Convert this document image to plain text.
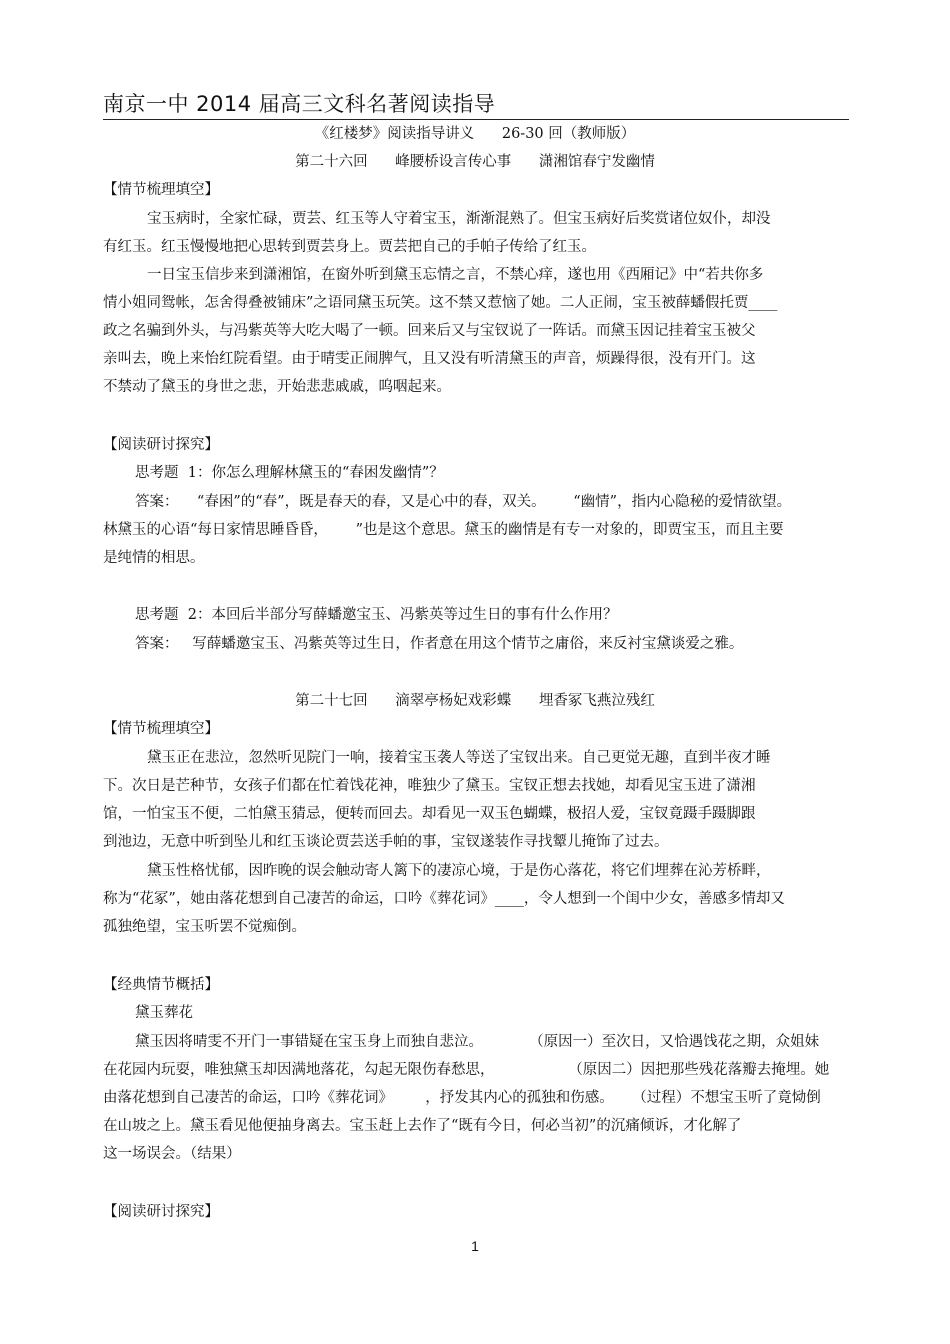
南京一中 2014 届高三文科名著阅读指导
《红楼梦》阅读指导讲义      26-30 回（教师版）
第二十六回      峰腰桥设言传心事      潇湘馆春宁发幽情
【情节梳理填空】
宝玉病时，全家忙碌，贾芸、红玉等人守着宝玉，渐渐混熟了。但宝玉病好后奖赏诸位奴仆，却没
有红玉。红玉慢慢地把心思转到贾芸身上。贾芸把自己的手帕子传给了红玉。
一日宝玉信步来到潇湘馆，在窗外听到黛玉忘情之言，不禁心痒，遂也用《西厢记》中“若共你多
情小姐同鸳帐，怎舍得叠被铺床”之语同黛玉玩笑。这不禁又惹恼了她。二人正闹，宝玉被薛蟠假托贾____
政之名骗到外头，与冯紫英等大吃大喝了一顿。回来后又与宝钗说了一阵话。而黛玉因记挂着宝玉被父
亲叫去，晚上来怡红院看望。由于晴雯正闹脾气，且又没有听清黛玉的声音，烦躁得很，没有开门。这
不禁动了黛玉的身世之悲，开始悲悲戚戚，呜咽起来。
【阅读研讨探究】
思考题  1：你怎么理解林黛玉的“春困发幽情”？
答案：    “春困”的“春”，既是春天的春，又是心中的春，双关。      “幽情”，指内心隐秘的爱情欲望。
林黛玉的心语“每日家情思睡昏昏，      ”也是这个意思。黛玉的幽情是有专一对象的，即贾宝玉，而且主要
是纯情的相思。
思考题  2：本回后半部分写薛蟠邀宝玉、冯紫英等过生日的事有什么作用？
答案：   写薛蟠邀宝玉、冯紫英等过生日，作者意在用这个情节之庸俗，来反衬宝黛谈爱之雅。
第二十七回      滴翠亭杨妃戏彩蝶      埋香冢飞燕泣残红
【情节梳理填空】
黛玉正在悲泣，忽然听见院门一响，接着宝玉袭人等送了宝钗出来。自己更觉无趣，直到半夜才睡
下。次日是芒种节，女孩子们都在忙着饯花神，唯独少了黛玉。宝钗正想去找她，却看见宝玉进了潇湘
馆，一怕宝玉不便，二怕黛玉猜忌，便转而回去。却看见一双玉色蝴蝶，极招人爱，宝钗竟蹑手蹑脚跟
到池边，无意中听到坠儿和红玉谈论贾芸送手帕的事，宝钗遂装作寻找颦儿掩饰了过去。
黛玉性格忧郁，因昨晚的误会触动寄人篱下的凄凉心境，于是伤心落花，将它们埋葬在沁芳桥畔，
称为“花冢”，她由落花想到自己凄苦的命运，口吟《葬花词》____，令人想到一个闺中少女，善感多情却又
孤独绝望，宝玉听罢不觉痴倒。
【经典情节概括】
黛玉葬花
黛玉因将晴雯不开门一事错疑在宝玉身上而独自悲泣。          （原因一）至次日，又恰遇饯花之期，众姐妹
在花园内玩耍，唯独黛玉却因满地落花，勾起无限伤春愁思，                （原因二）因把那些残花落瓣去掩埋。她
由落花想到自己凄苦的命运，口吟《葬花词》       ，抒发其内心的孤独和伤感。    （过程）不想宝玉听了竟恸倒
在山坡之上。黛玉看见他便抽身离去。宝玉赶上去作了“既有今日，何必当初”的沉痛倾诉，才化解了
这一场误会。（结果）
【阅读研讨探究】
1
